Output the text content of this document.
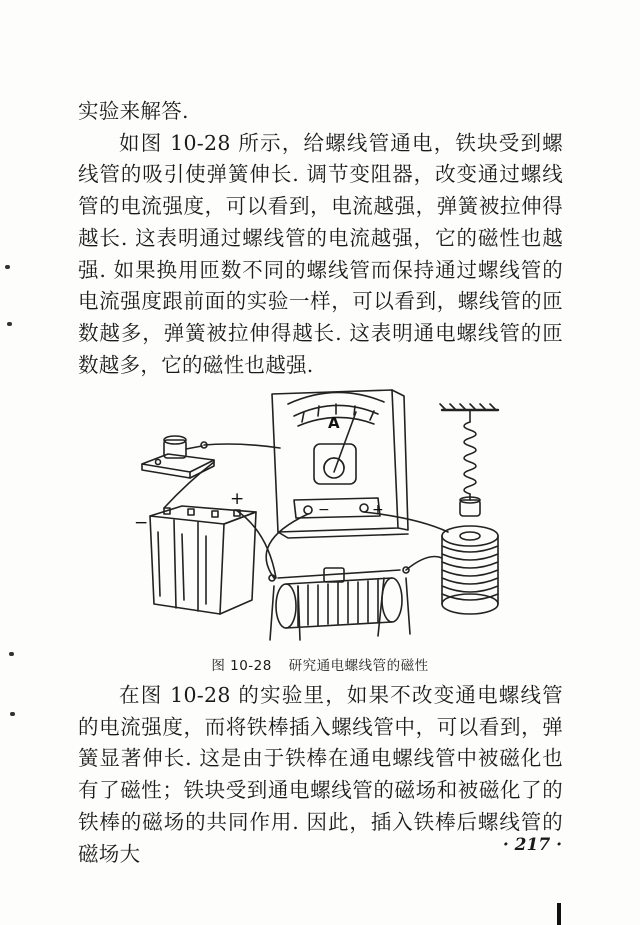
实验来解答.

如图 10-28 所示，给螺线管通电，铁块受到螺线管的吸引使弹簧伸长. 调节变阻器，改变通过螺线管的电流强度，可以看到，电流越强，弹簧被拉伸得越长. 这表明通过螺线管的电流越强，它的磁性也越强. 如果换用匝数不同的螺线管而保持通过螺线管的电流强度跟前面的实验一样，可以看到，螺线管的匝数越多，弹簧被拉伸得越长. 这表明通电螺线管的匝数越多，它的磁性也越强.

A
+
−
−	+
图 10-28 研究通电螺线管的磁性

在图 10-28 的实验里，如果不改变通电螺线管的电流强度，而将铁棒插入螺线管中，可以看到，弹簧显著伸长. 这是由于铁棒在通电螺线管中被磁化也有了磁性；铁块受到通电螺线管的磁场和被磁化了的铁棒的磁场的共同作用. 因此，插入铁棒后螺线管的磁场大	· 217 ·
